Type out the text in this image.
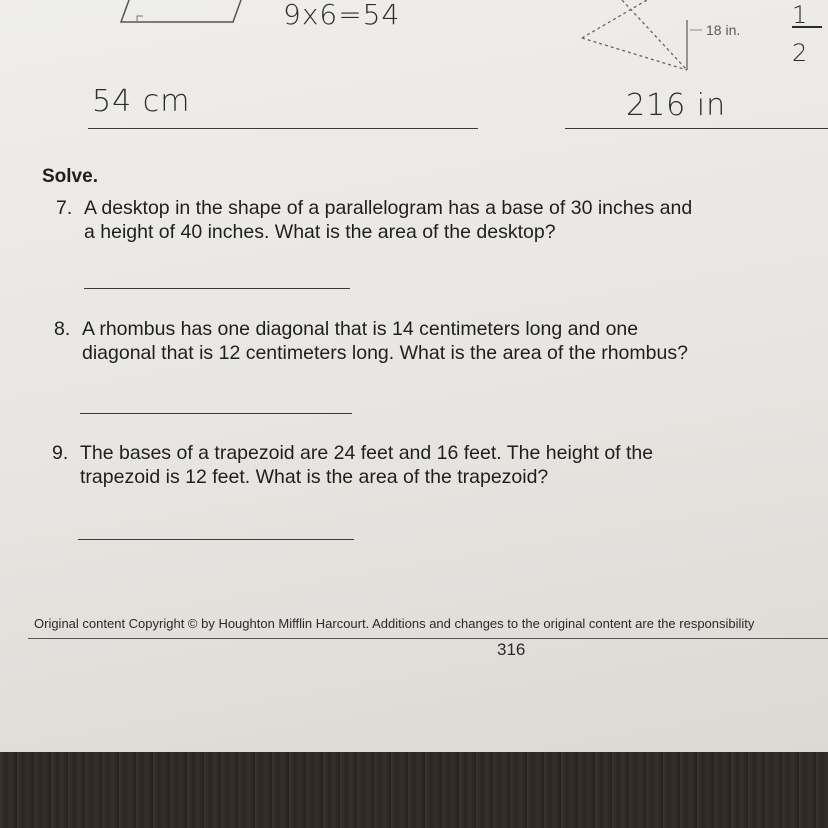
9x6=54	18 in.
1
2
54 cm	216 in
Solve.
7. A desktop in the shape of a parallelogram has a base of 30 inches and
a height of 40 inches. What is the area of the desktop?
8. A rhombus has one diagonal that is 14 centimeters long and one
diagonal that is 12 centimeters long. What is the area of the rhombus?
9. The bases of a trapezoid are 24 feet and 16 feet. The height of the
trapezoid is 12 feet. What is the area of the trapezoid?
Original content Copyright © by Houghton Mifflin Harcourt. Additions and changes to the original content are the responsibility
316
